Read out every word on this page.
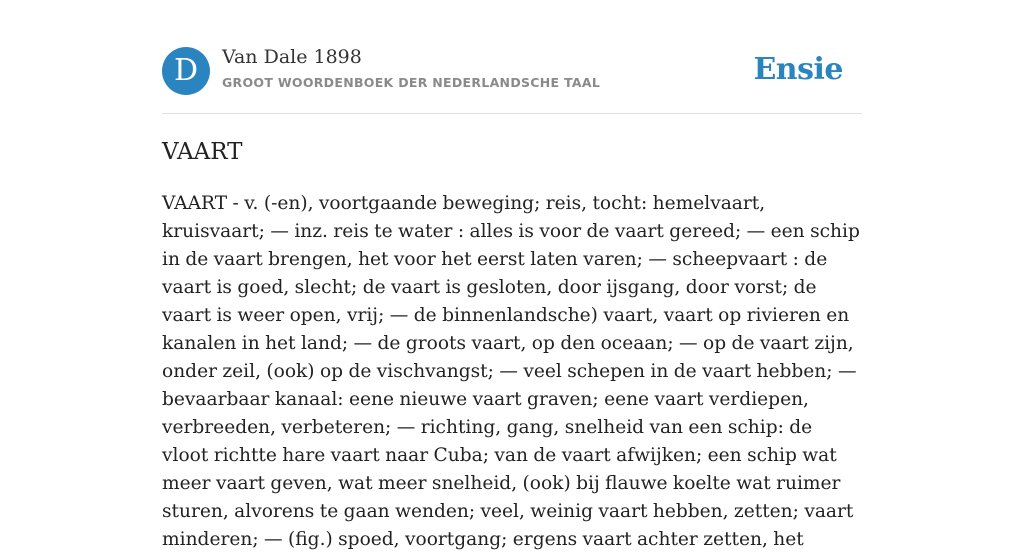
D	Van Dale 1898
GROOT WOORDENBOEK DER NEDERLANDSCHE TAAL	Ensie
VAART

VAART - v. (-en), voortgaande beweging; reis, tocht: hemelvaart, kruisvaart; — inz. reis te water : alles is voor de vaart gereed; — een schip in de vaart brengen, het voor het eerst laten varen; — scheepvaart : de vaart is goed, slecht; de vaart is gesloten, door ijsgang, door vorst; de vaart is weer open, vrij; — de binnenlandsche) vaart, vaart op rivieren en kanalen in het land; — de groots vaart, op den oceaan; — op de vaart zijn, onder zeil, (ook) op de vischvangst; — veel schepen in de vaart hebben; — bevaarbaar kanaal: eene nieuwe vaart graven; eene vaart verdiepen, verbreeden, verbeteren; — richting, gang, snelheid van een schip: de vloot richtte hare vaart naar Cuba; van de vaart afwijken; een schip wat meer vaart geven, wat meer snelheid, (ook) bij flauwe koelte wat ruimer sturen, alvorens te gaan wenden; veel, weinig vaart hebben, zetten; vaart minderen; — (fig.) spoed, voortgang; ergens vaart achter zetten, het
